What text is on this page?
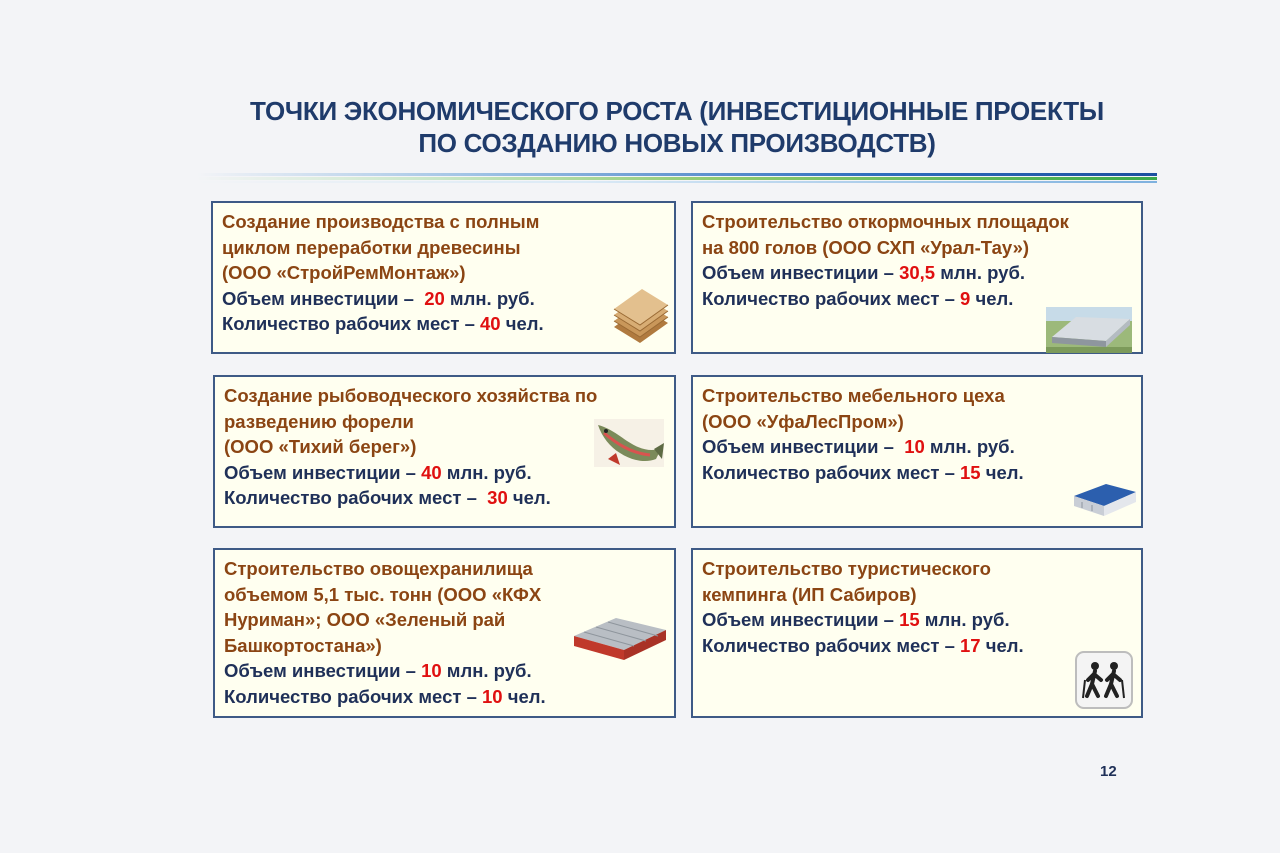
ТОЧКИ ЭКОНОМИЧЕСКОГО РОСТА (ИНВЕСТИЦИОННЫЕ ПРОЕКТЫ
ПО СОЗДАНИЮ НОВЫХ ПРОИЗВОДСТВ)
Создание производства с полным
циклом переработки древесины
(ООО «СтройРемМонтаж»)
Объем инвестиции – 20 млн. руб.
Количество рабочих мест – 40 чел.
Строительство откормочных площадок
на 800 голов (ООО СХП «Урал-Тау»)
Объем инвестиции – 30,5 млн. руб.
Количество рабочих мест – 9 чел.
Создание рыбоводческого хозяйства по
разведению форели
(ООО «Тихий берег»)
Объем инвестиции – 40 млн. руб.
Количество рабочих мест – 30 чел.
Строительство мебельного цеха
(ООО «УфаЛесПром»)
Объем инвестиции – 10 млн. руб.
Количество рабочих мест – 15 чел.
Строительство овощехранилища
объемом 5,1 тыс. тонн (ООО «КФХ
Нуриман»; ООО «Зеленый рай
Башкортостана»)
Объем инвестиции – 10 млн. руб.
Количество рабочих мест – 10 чел.
Строительство туристического
кемпинга (ИП Сабиров)
Объем инвестиции – 15 млн. руб.
Количество рабочих мест – 17 чел.
12
